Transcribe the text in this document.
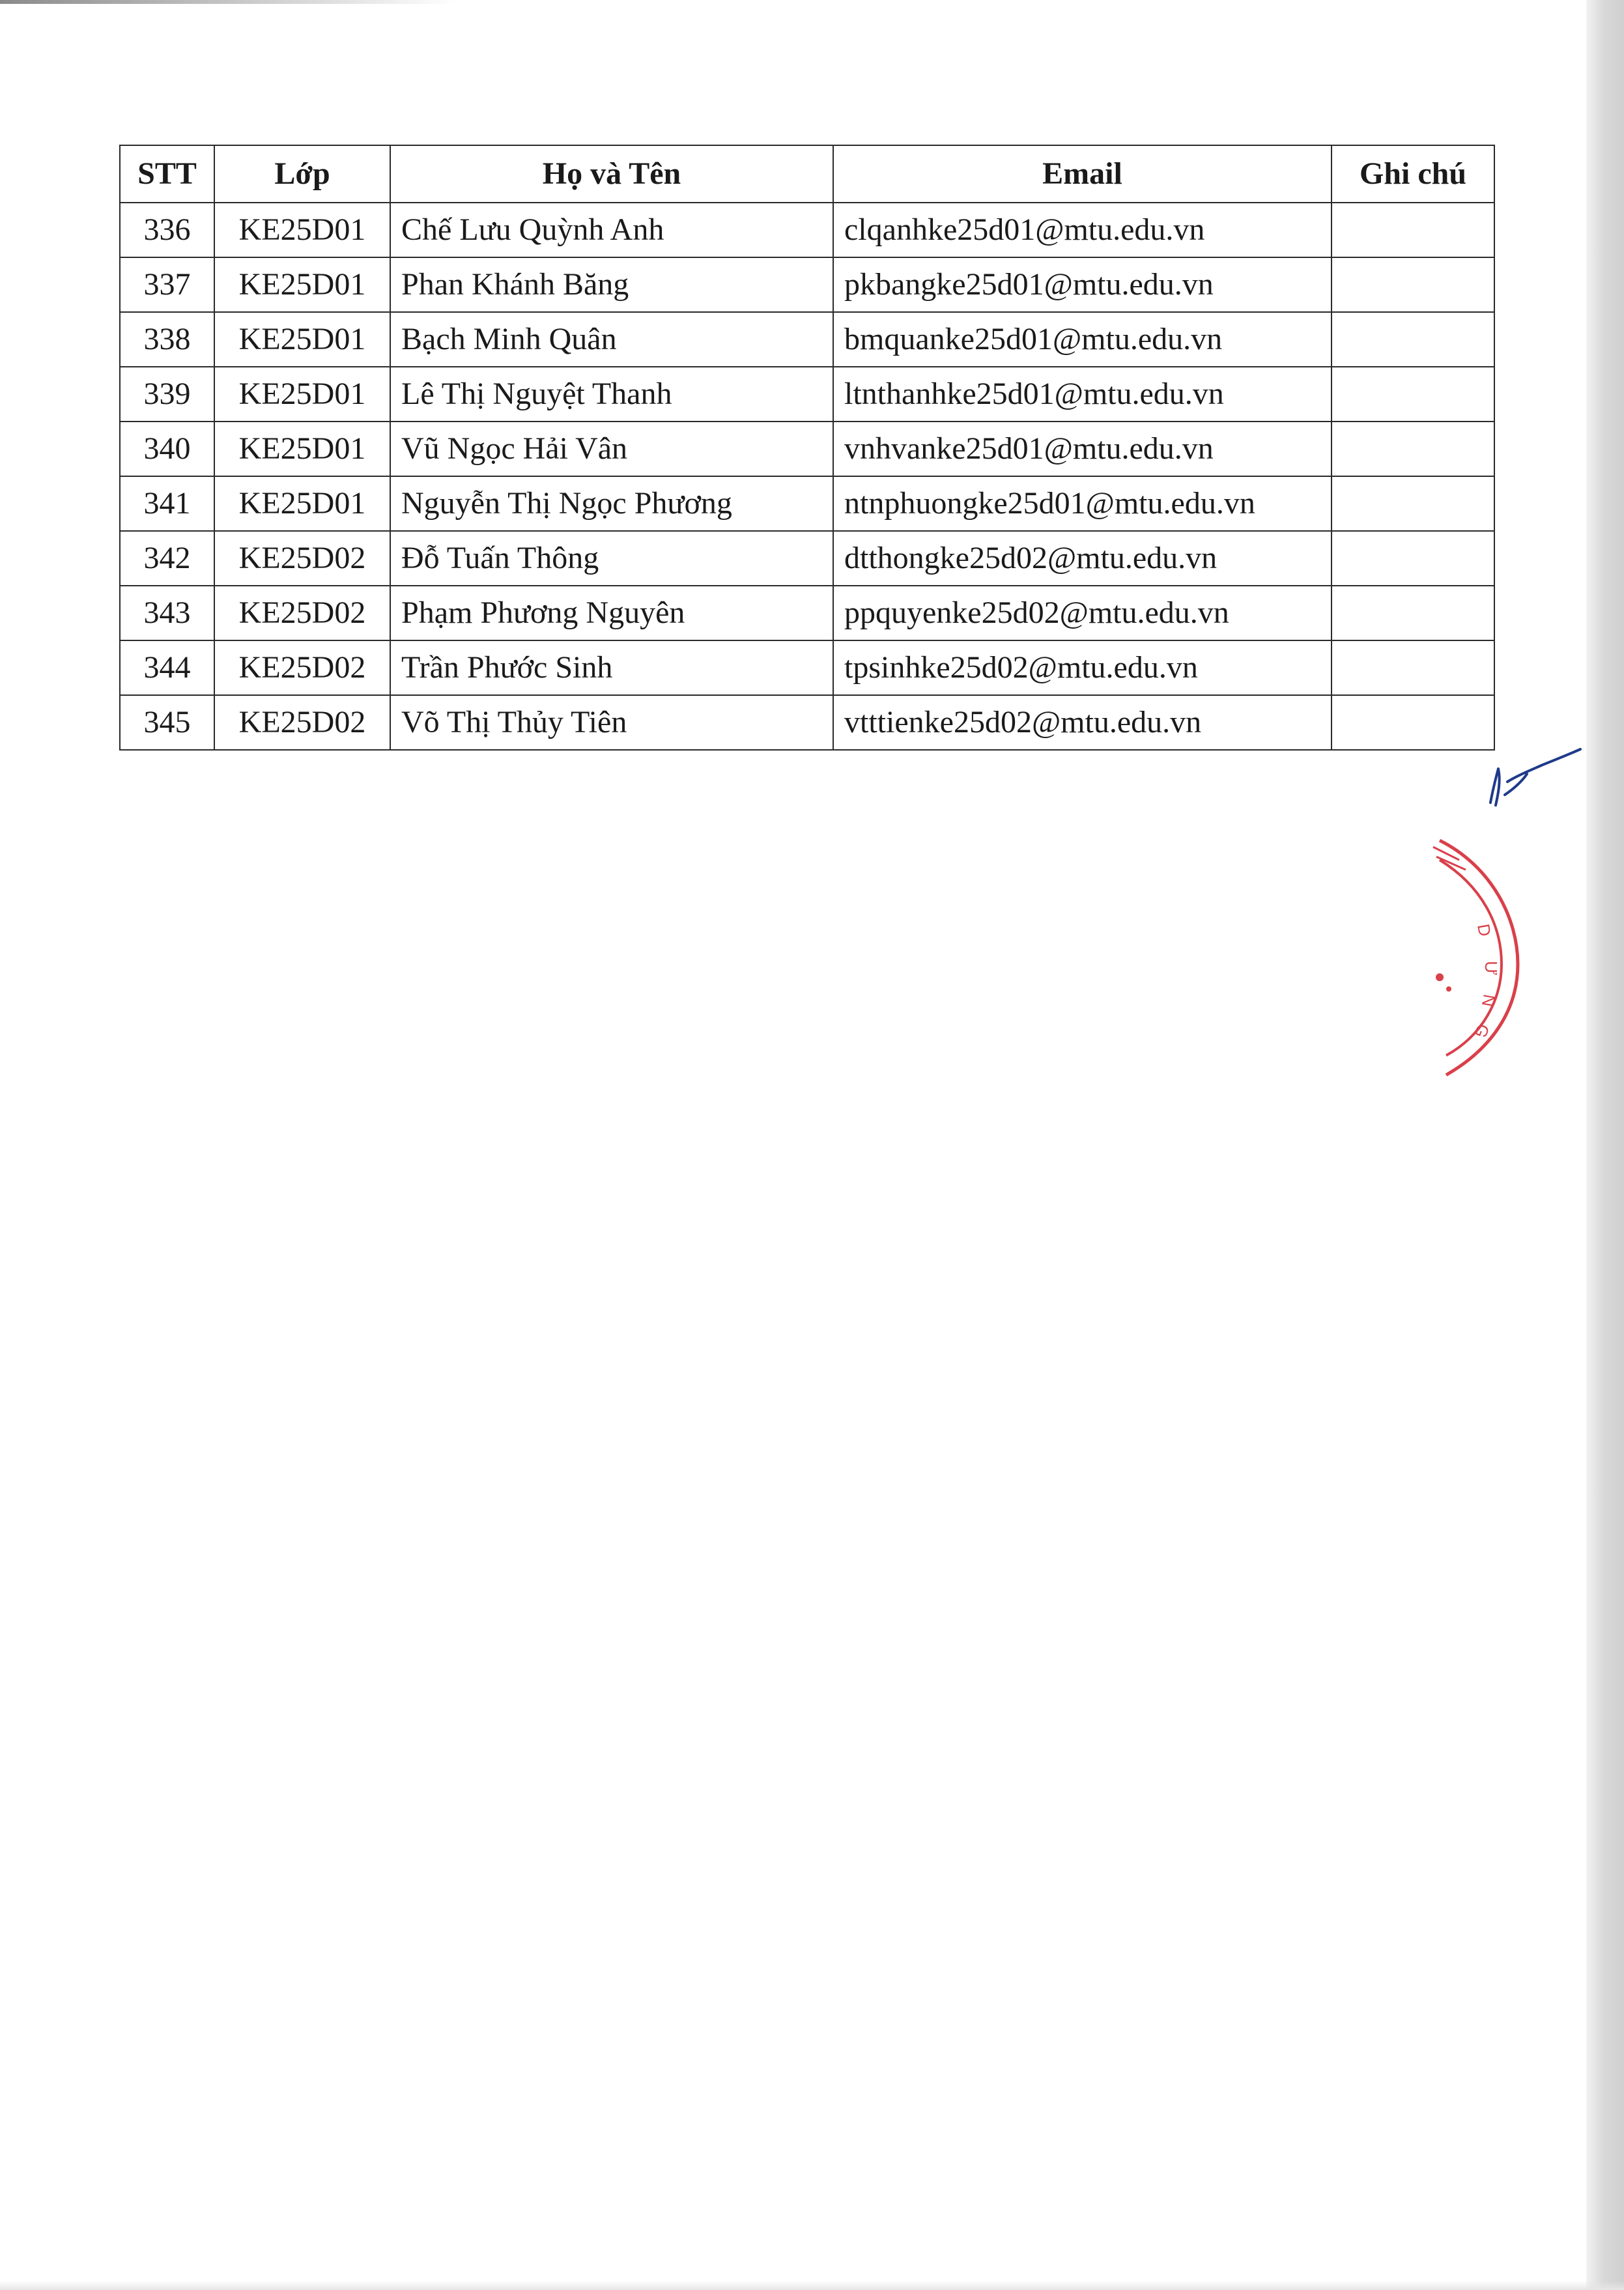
STT	Lớp	Họ và Tên	Email	Ghi chú
336	KE25D01	Chế Lưu Quỳnh Anh	clqanhke25d01@mtu.edu.vn	
337	KE25D01	Phan Khánh Băng	pkbangke25d01@mtu.edu.vn	
338	KE25D01	Bạch Minh Quân	bmquanke25d01@mtu.edu.vn	
339	KE25D01	Lê Thị Nguyệt Thanh	ltnthanhke25d01@mtu.edu.vn	
340	KE25D01	Vũ Ngọc Hải Vân	vnhvanke25d01@mtu.edu.vn	
341	KE25D01	Nguyễn Thị Ngọc Phương	ntnphuongke25d01@mtu.edu.vn	
342	KE25D02	Đỗ Tuấn Thông	dtthongke25d02@mtu.edu.vn	
343	KE25D02	Phạm Phương Nguyên	ppquyenke25d02@mtu.edu.vn	
344	KE25D02	Trần Phước Sinh	tpsinhke25d02@mtu.edu.vn	
345	KE25D02	Võ Thị Thủy Tiên	vtttienke25d02@mtu.edu.vn	
D
Ư
N
G
